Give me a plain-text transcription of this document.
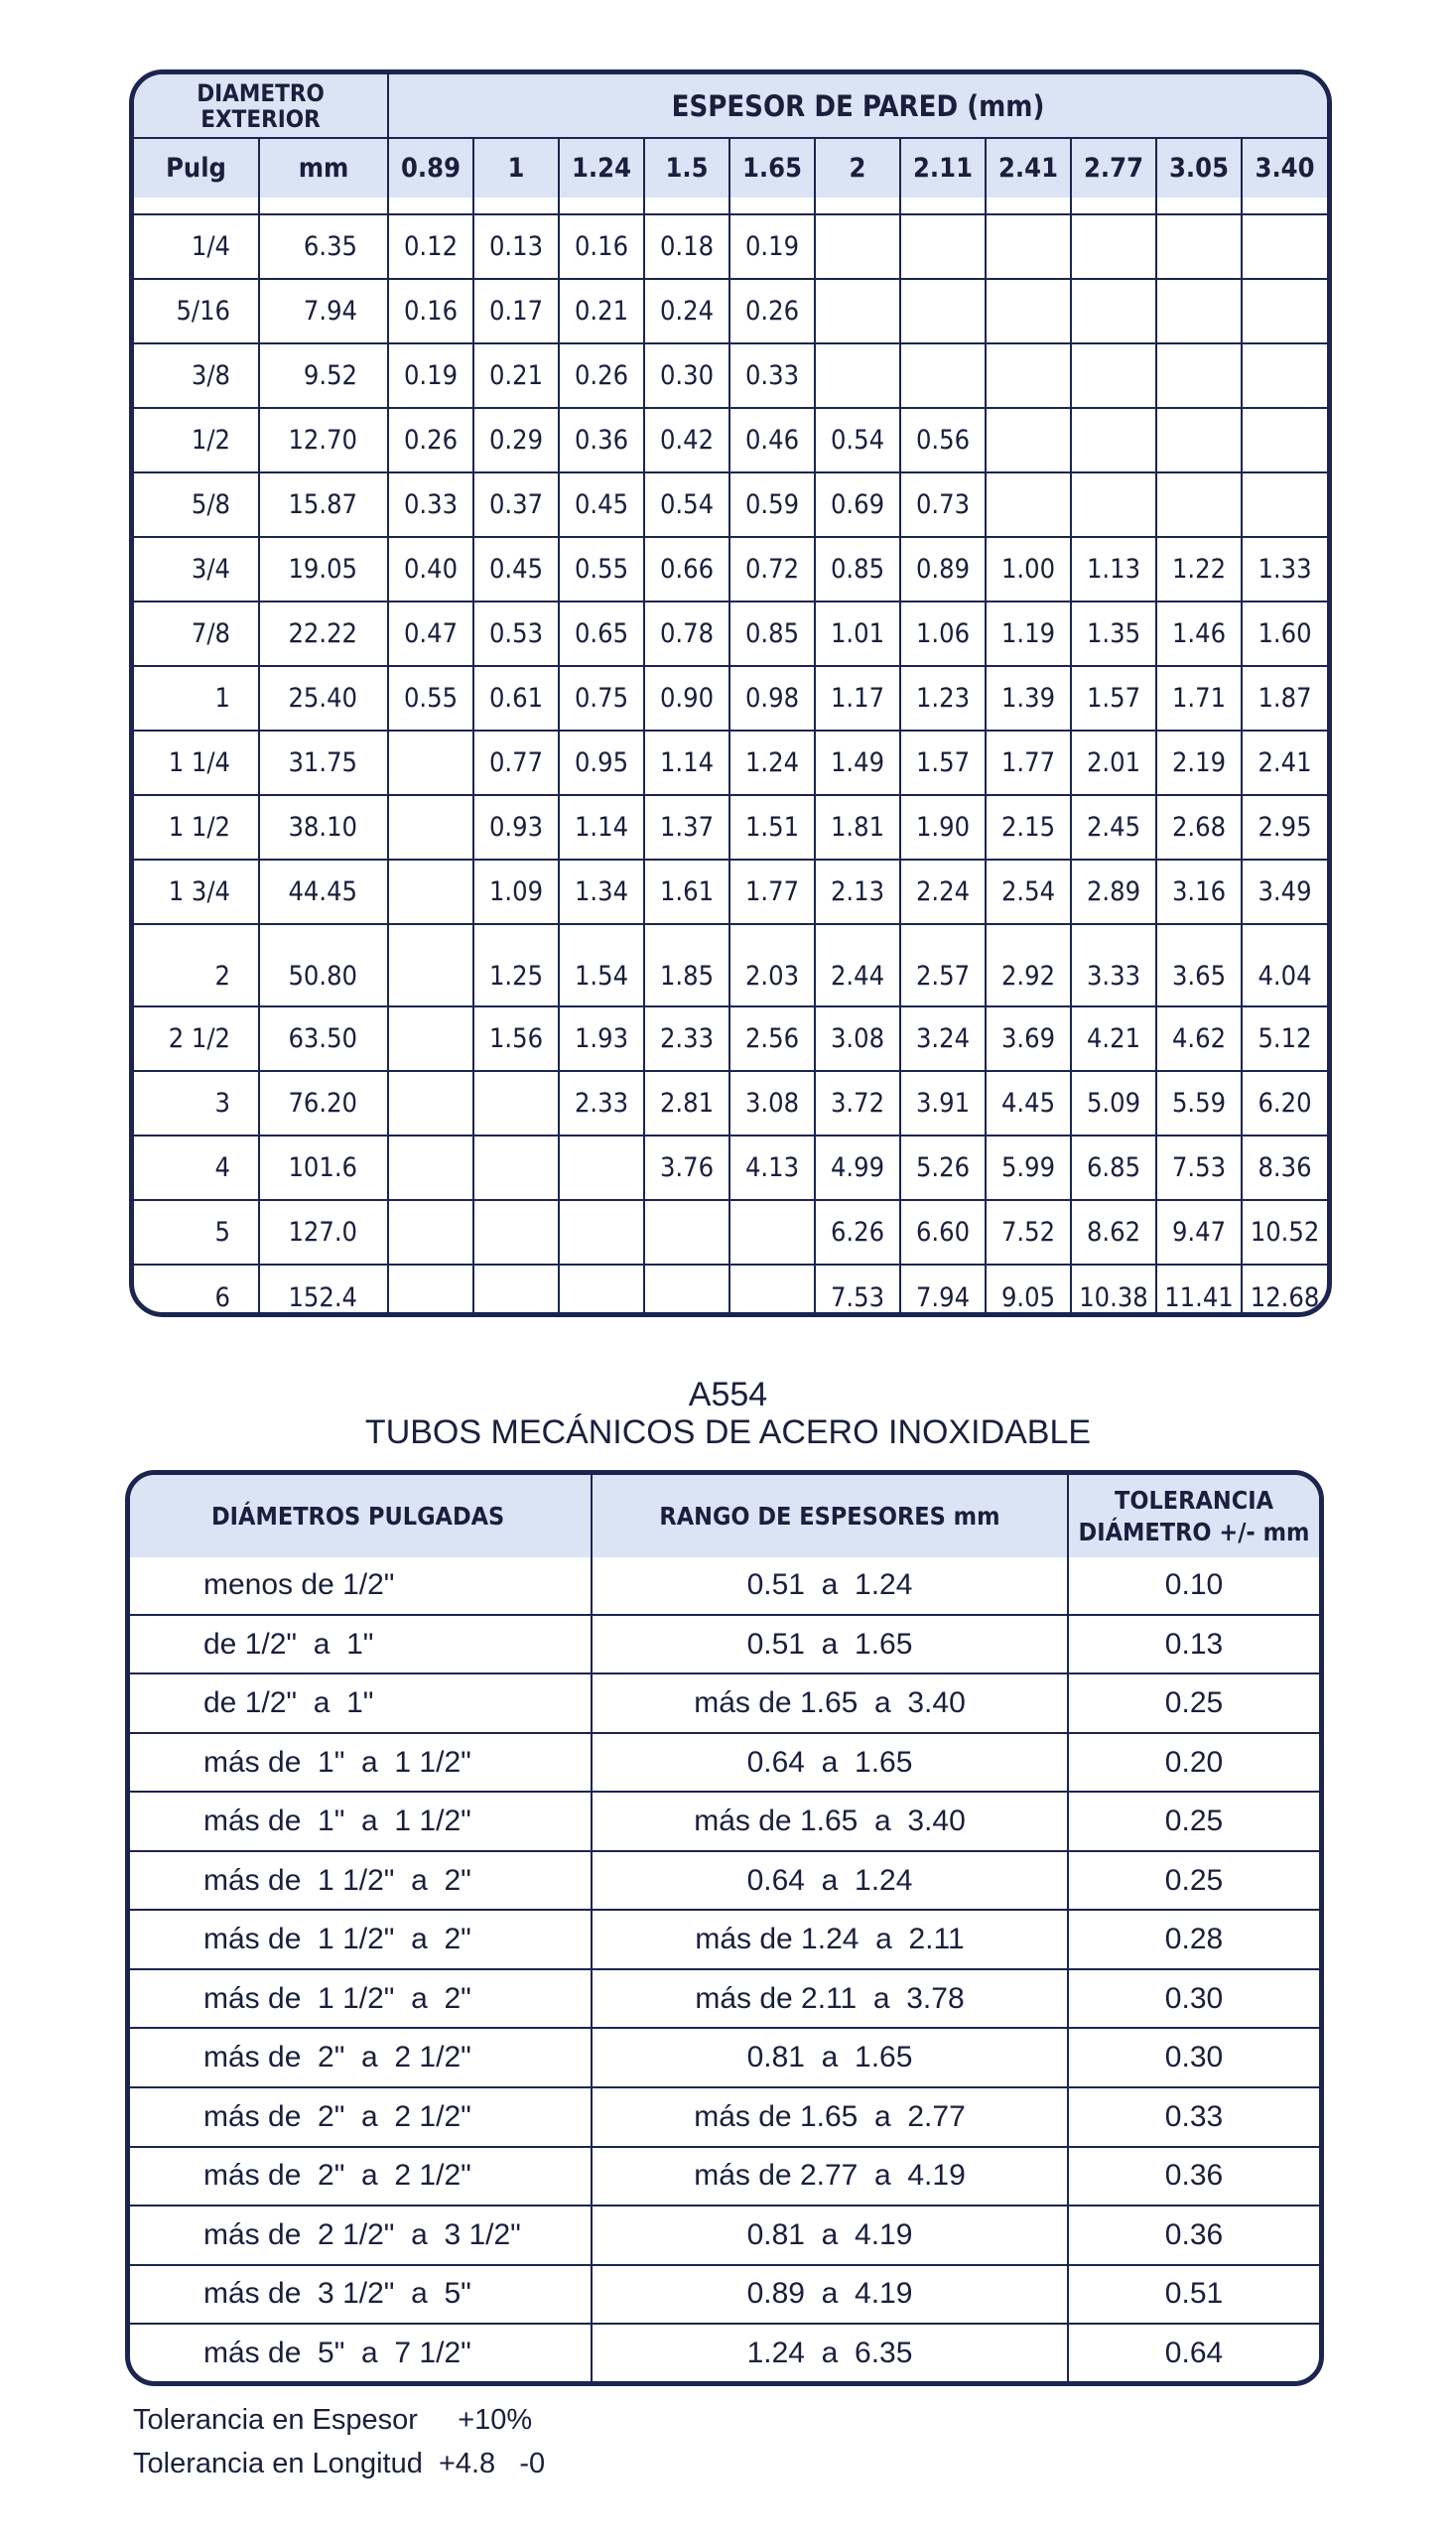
DIAMETRO
EXTERIOR		ESPESOR DE PARED (mm)										
Pulg	mm	0.89	1	1.24	1.5	1.65	2	2.11	2.41	2.77	3.05	3.40

1/4	6.35	0.12	0.13	0.16	0.18	0.19						
5/16	7.94	0.16	0.17	0.21	0.24	0.26						
3/8	9.52	0.19	0.21	0.26	0.30	0.33						
1/2	12.70	0.26	0.29	0.36	0.42	0.46	0.54	0.56				
5/8	15.87	0.33	0.37	0.45	0.54	0.59	0.69	0.73				
3/4	19.05	0.40	0.45	0.55	0.66	0.72	0.85	0.89	1.00	1.13	1.22	1.33
7/8	22.22	0.47	0.53	0.65	0.78	0.85	1.01	1.06	1.19	1.35	1.46	1.60
1	25.40	0.55	0.61	0.75	0.90	0.98	1.17	1.23	1.39	1.57	1.71	1.87
1 1/4	31.75		0.77	0.95	1.14	1.24	1.49	1.57	1.77	2.01	2.19	2.41
1 1/2	38.10		0.93	1.14	1.37	1.51	1.81	1.90	2.15	2.45	2.68	2.95
1 3/4	44.45		1.09	1.34	1.61	1.77	2.13	2.24	2.54	2.89	3.16	3.49
2	50.80		1.25	1.54	1.85	2.03	2.44	2.57	2.92	3.33	3.65	4.04
2 1/2	63.50		1.56	1.93	2.33	2.56	3.08	3.24	3.69	4.21	4.62	5.12
3	76.20			2.33	2.81	3.08	3.72	3.91	4.45	5.09	5.59	6.20
4	101.6				3.76	4.13	4.99	5.26	5.99	6.85	7.53	8.36
5	127.0						6.26	6.60	7.52	8.62	9.47	10.52
6	152.4						7.53	7.94	9.05	10.38	11.41	12.68
A554
TUBOS MECÁNICOS DE ACERO INOXIDABLE
DIÁMETROS PULGADAS	RANGO DE ESPESORES mm	TOLERANCIA
DIÁMETRO +/- mm

menos de 1/2"	0.51  a  1.24	0.10
de 1/2"  a  1"	0.51  a  1.65	0.13
de 1/2"  a  1"	más de 1.65  a  3.40	0.25
más de  1"  a  1 1/2"	0.64  a  1.65	0.20
más de  1"  a  1 1/2"	más de 1.65  a  3.40	0.25
más de  1 1/2"  a  2"	0.64  a  1.24	0.25
más de  1 1/2"  a  2"	más de 1.24  a  2.11	0.28
más de  1 1/2"  a  2"	más de 2.11  a  3.78	0.30
más de  2"  a  2 1/2"	0.81  a  1.65	0.30
más de  2"  a  2 1/2"	más de 1.65  a  2.77	0.33
más de  2"  a  2 1/2"	más de 2.77  a  4.19	0.36
más de  2 1/2"  a  3 1/2"	0.81  a  4.19	0.36
más de  3 1/2"  a  5"	0.89  a  4.19	0.51
más de  5"  a  7 1/2"	1.24  a  6.35	0.64
Tolerancia en Espesor     +10%
Tolerancia en Longitud  +4.8   -0
